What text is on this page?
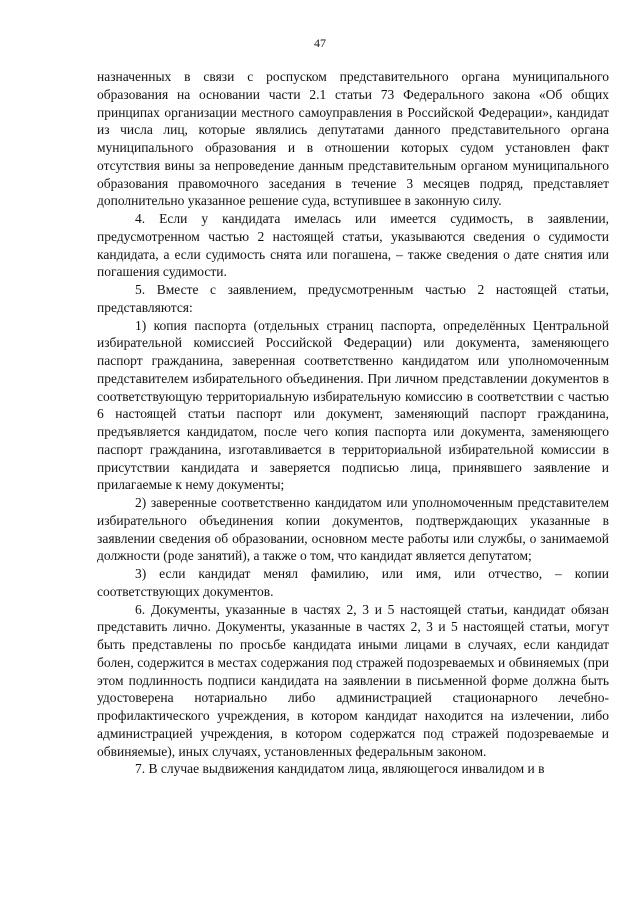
47

назначенных в связи с роспуском представительного органа муниципального образования на основании части 2.1 статьи 73 Федерального закона «Об общих принципах организации местного самоуправления в Российской Федерации», кандидат из числа лиц, которые являлись депутатами данного представительного органа муниципального образования и в отношении которых судом установлен факт отсутствия вины за непроведение данным представительным органом муниципального образования правомочного заседания в течение 3 месяцев подряд, представляет дополнительно указанное решение суда, вступившее в законную силу.

4. Если у кандидата имелась или имеется судимость, в заявлении, предусмотренном частью 2 настоящей статьи, указываются сведения о судимости кандидата, а если судимость снята или погашена, – также сведения о дате снятия или погашения судимости.

5. Вместе с заявлением, предусмотренным частью 2 настоящей статьи, представляются:

1) копия паспорта (отдельных страниц паспорта, определённых Центральной избирательной комиссией Российской Федерации) или документа, заменяющего паспорт гражданина, заверенная соответственно кандидатом или уполномоченным представителем избирательного объединения. При личном представлении документов в соответствующую территориальную избирательную комиссию в соответствии с частью 6 настоящей статьи паспорт или документ, заменяющий паспорт гражданина, предъявляется кандидатом, после чего копия паспорта или документа, заменяющего паспорт гражданина, изготавливается в территориальной избирательной комиссии в присутствии кандидата и заверяется подписью лица, принявшего заявление и прилагаемые к нему документы;

2) заверенные соответственно кандидатом или уполномоченным представителем избирательного объединения копии документов, подтверждающих указанные в заявлении сведения об образовании, основном месте работы или службы, о занимаемой должности (роде занятий), а также о том, что кандидат является депутатом;

3) если кандидат менял фамилию, или имя, или отчество, – копии соответствующих документов.

6. Документы, указанные в частях 2, 3 и 5 настоящей статьи, кандидат обязан представить лично. Документы, указанные в частях 2, 3 и 5 настоящей статьи, могут быть представлены по просьбе кандидата иными лицами в случаях, если кандидат болен, содержится в местах содержания под стражей подозреваемых и обвиняемых (при этом подлинность подписи кандидата на заявлении в письменной форме должна быть удостоверена нотариально либо администрацией стационарного лечебно-профилактического учреждения, в котором кандидат находится на излечении, либо администрацией учреждения, в котором содержатся под стражей подозреваемые и обвиняемые), иных случаях, установленных федеральным законом.

7. В случае выдвижения кандидатом лица, являющегося инвалидом и в
